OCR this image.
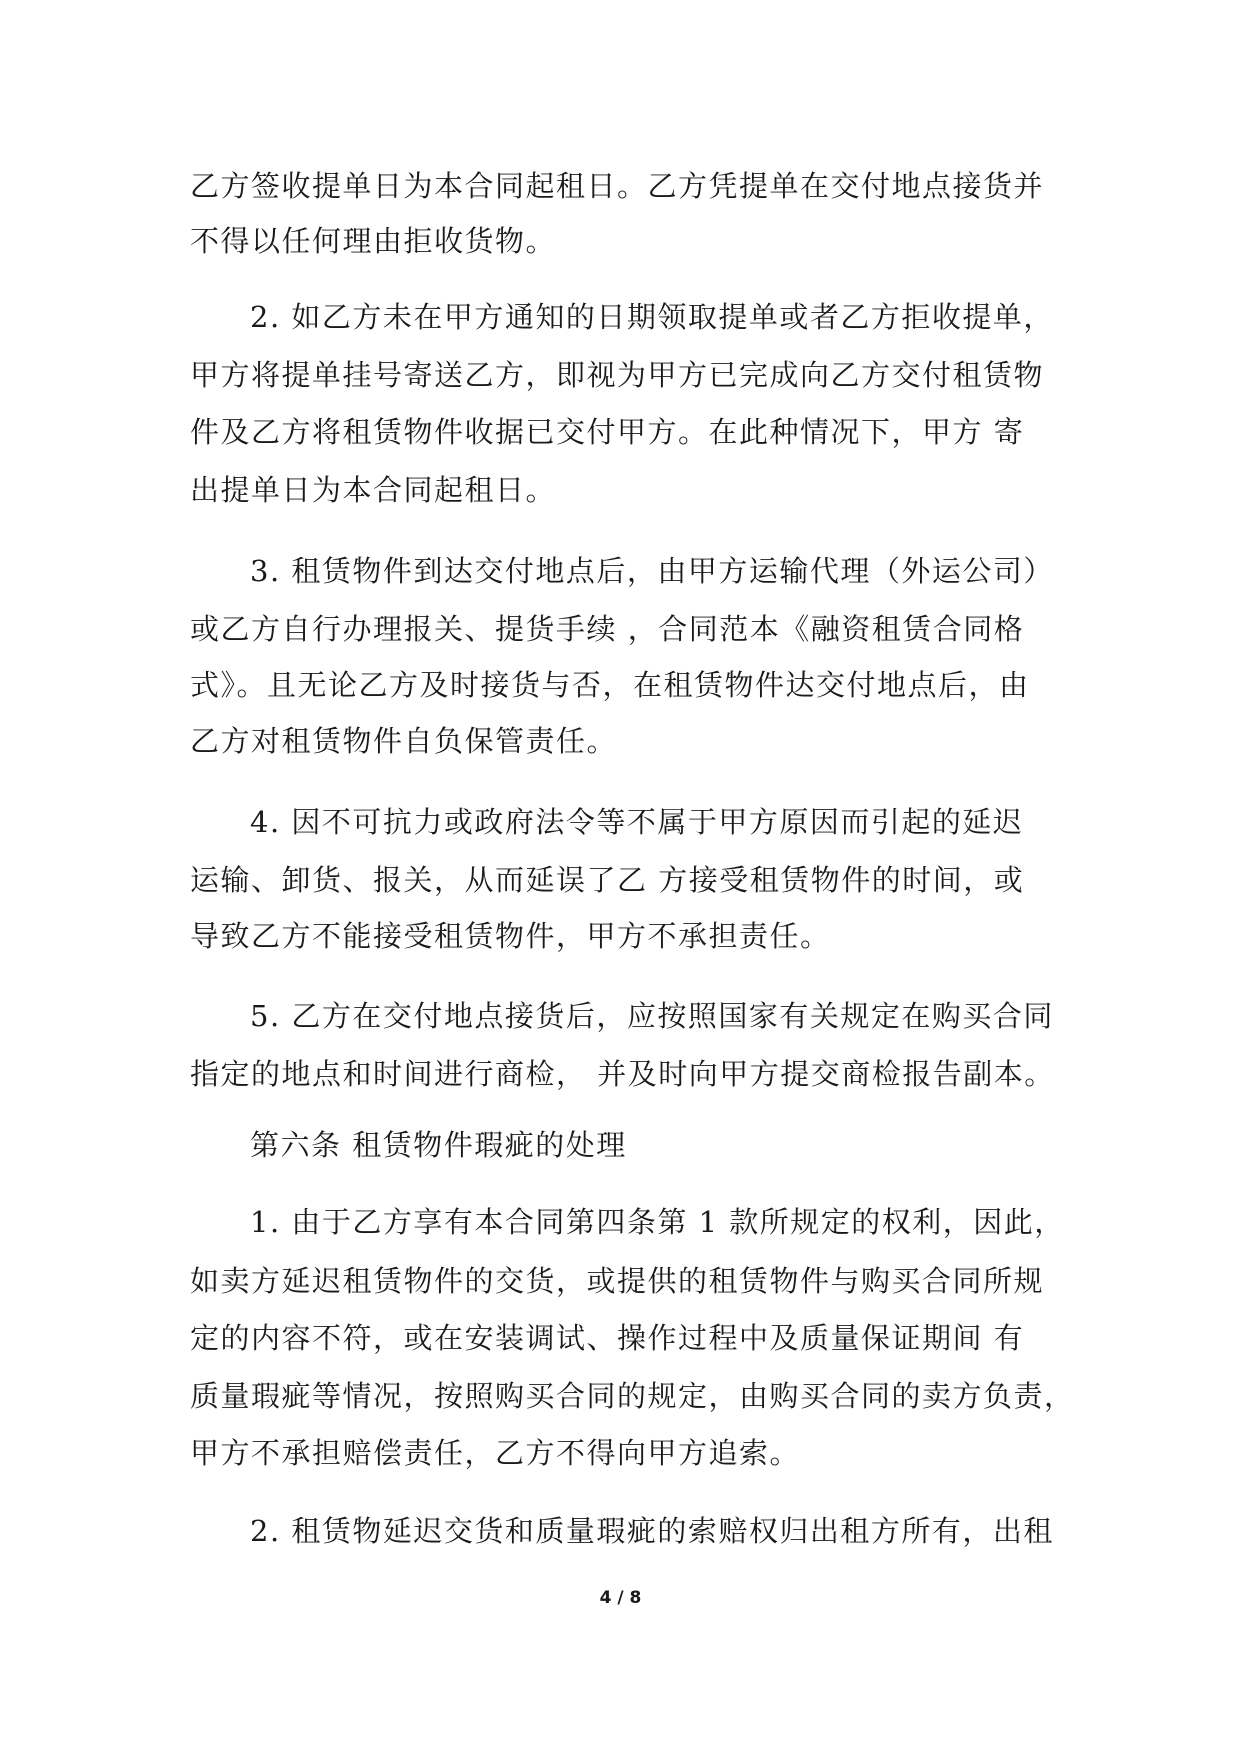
乙方签收提单日为本合同起租日。乙方凭提单在交付地点接货并
不得以任何理由拒收货物。
2. 如乙方未在甲方通知的日期领取提单或者乙方拒收提单，
甲方将提单挂号寄送乙方，即视为甲方已完成向乙方交付租赁物
件及乙方将租赁物件收据已交付甲方。在此种情况下，甲方 寄
出提单日为本合同起租日。
3. 租赁物件到达交付地点后，由甲方运输代理（外运公司）
或乙方自行办理报关、提货手续 ，合同范本《融资租赁合同格
式》。且无论乙方及时接货与否，在租赁物件达交付地点后，由
乙方对租赁物件自负保管责任。
4. 因不可抗力或政府法令等不属于甲方原因而引起的延迟
运输、卸货、报关，从而延误了乙 方接受租赁物件的时间，或
导致乙方不能接受租赁物件，甲方不承担责任。
5. 乙方在交付地点接货后，应按照国家有关规定在购买合同
指定的地点和时间进行商检， 并及时向甲方提交商检报告副本。
第六条 租赁物件瑕疵的处理
1. 由于乙方享有本合同第四条第 1 款所规定的权利，因此，
如卖方延迟租赁物件的交货，或提供的租赁物件与购买合同所规
定的内容不符，或在安装调试、操作过程中及质量保证期间 有
质量瑕疵等情况，按照购买合同的规定，由购买合同的卖方负责，
甲方不承担赔偿责任，乙方不得向甲方追索。
2. 租赁物延迟交货和质量瑕疵的索赔权归出租方所有，出租
4 / 8
